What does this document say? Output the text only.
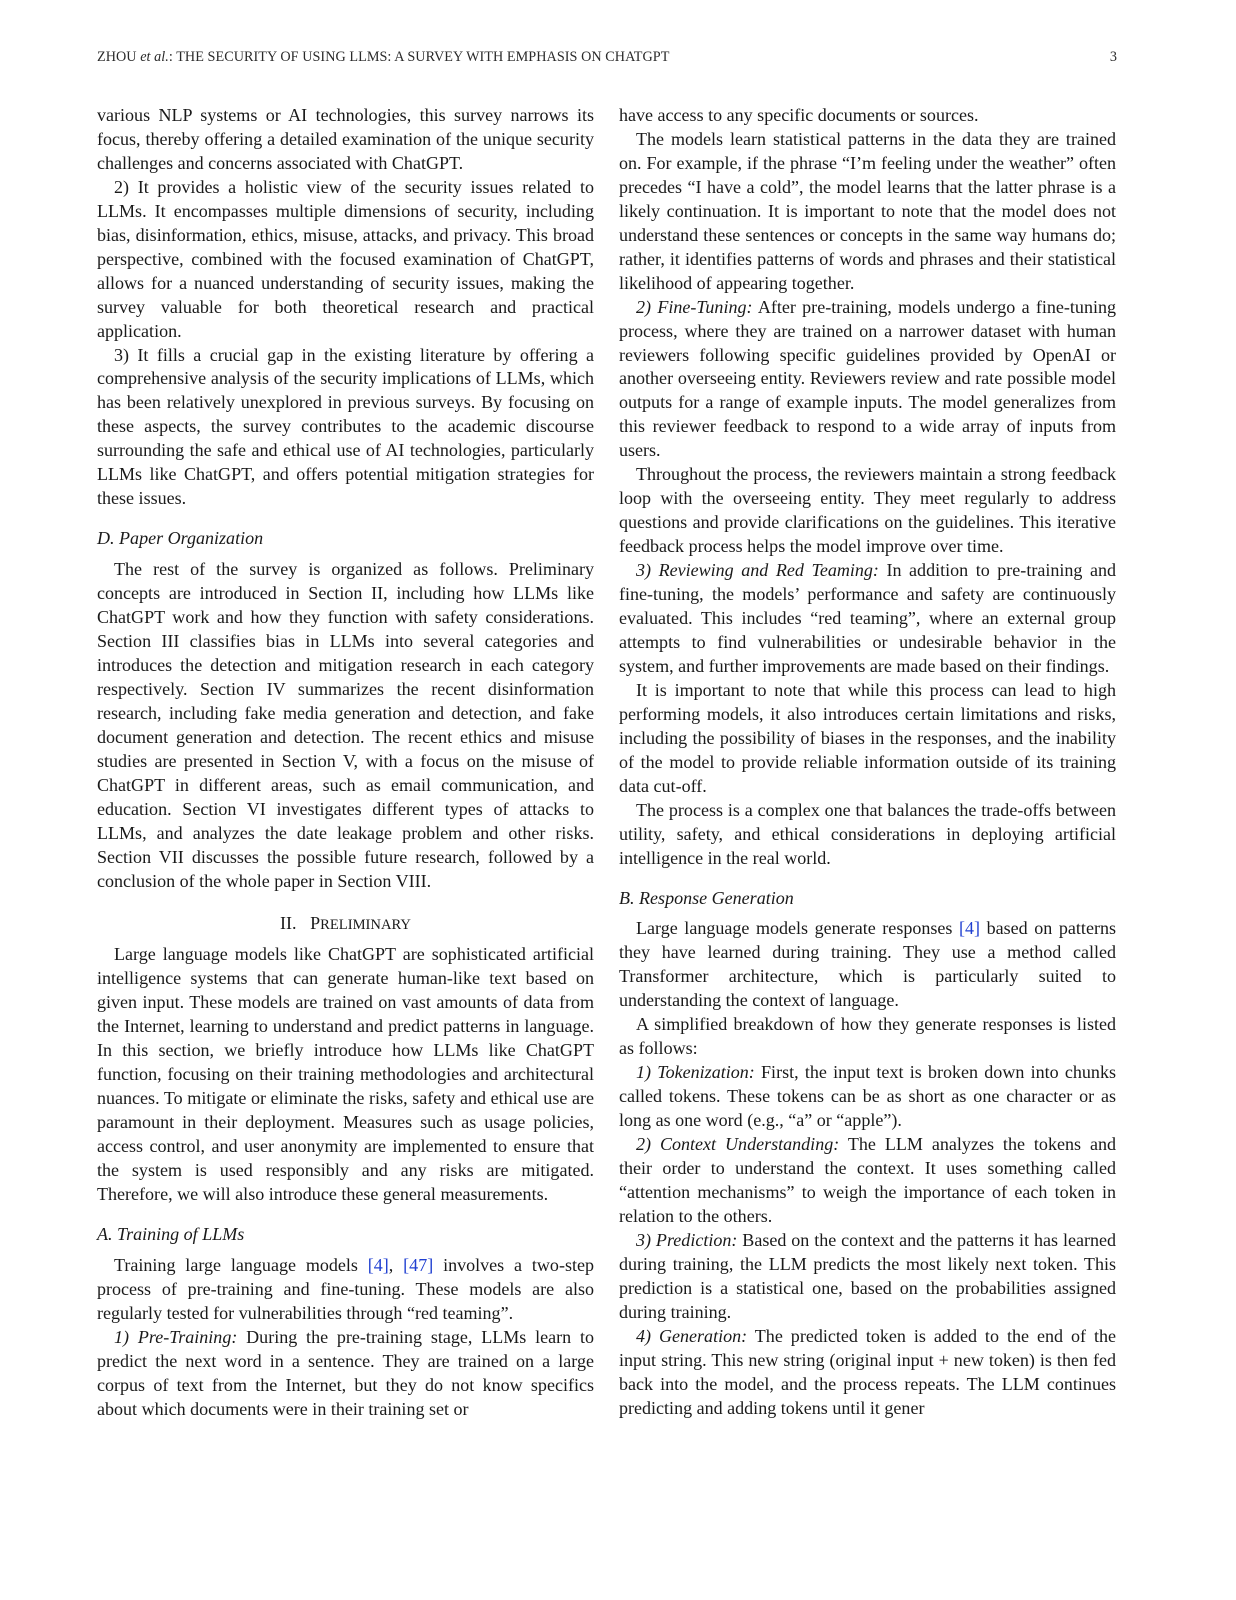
ZHOU et al.: THE SECURITY OF USING LLMS: A SURVEY WITH EMPHASIS ON CHATGPT	3

various NLP systems or AI technologies, this survey narrows its focus, thereby offering a detailed examination of the unique security challenges and concerns associated with ChatGPT.

2) It provides a holistic view of the security issues related to LLMs. It encompasses multiple dimensions of security, including bias, disinformation, ethics, misuse, attacks, and privacy. This broad perspective, combined with the focused examination of ChatGPT, allows for a nuanced understanding of security issues, making the survey valuable for both theoretical research and practical application.

3) It fills a crucial gap in the existing literature by offering a comprehensive analysis of the security implications of LLMs, which has been relatively unexplored in previous surveys. By focusing on these aspects, the survey contributes to the academic discourse surrounding the safe and ethical use of AI technologies, particularly LLMs like ChatGPT, and offers potential mitigation strategies for these issues.

D. Paper Organization

The rest of the survey is organized as follows. Preliminary concepts are introduced in Section II, including how LLMs like ChatGPT work and how they function with safety considerations. Section III classifies bias in LLMs into several categories and introduces the detection and mitigation research in each category respectively. Section IV summarizes the recent disinformation research, including fake media generation and detection, and fake document generation and detection. The recent ethics and misuse studies are presented in Section V, with a focus on the misuse of ChatGPT in different areas, such as email communication, and education. Section VI investigates different types of attacks to LLMs, and analyzes the date leakage problem and other risks. Section VII discusses the possible future research, followed by a conclusion of the whole paper in Section VIII.

II. PRELIMINARY

Large language models like ChatGPT are sophisticated artificial intelligence systems that can generate human-like text based on given input. These models are trained on vast amounts of data from the Internet, learning to understand and predict patterns in language. In this section, we briefly introduce how LLMs like ChatGPT function, focusing on their training methodologies and architectural nuances. To mitigate or eliminate the risks, safety and ethical use are paramount in their deployment. Measures such as usage policies, access control, and user anonymity are implemented to ensure that the system is used responsibly and any risks are mitigated. Therefore, we will also introduce these general measurements.

A. Training of LLMs

Training large language models [4], [47] involves a two-step process of pre-training and fine-tuning. These models are also regularly tested for vulnerabilities through “red teaming”.

1) Pre-Training: During the pre-training stage, LLMs learn to predict the next word in a sentence. They are trained on a large corpus of text from the Internet, but they do not know specifics about which documents were in their training set or

have access to any specific documents or sources.

The models learn statistical patterns in the data they are trained on. For example, if the phrase “I’m feeling under the weather” often precedes “I have a cold”, the model learns that the latter phrase is a likely continuation. It is important to note that the model does not understand these sentences or concepts in the same way humans do; rather, it identifies patterns of words and phrases and their statistical likelihood of appearing together.

2) Fine-Tuning: After pre-training, models undergo a fine-tuning process, where they are trained on a narrower dataset with human reviewers following specific guidelines provided by OpenAI or another overseeing entity. Reviewers review and rate possible model outputs for a range of example inputs. The model generalizes from this reviewer feedback to respond to a wide array of inputs from users.

Throughout the process, the reviewers maintain a strong feedback loop with the overseeing entity. They meet regularly to address questions and provide clarifications on the guidelines. This iterative feedback process helps the model improve over time.

3) Reviewing and Red Teaming: In addition to pre-training and fine-tuning, the models’ performance and safety are continuously evaluated. This includes “red teaming”, where an external group attempts to find vulnerabilities or undesirable behavior in the system, and further improvements are made based on their findings.

It is important to note that while this process can lead to high performing models, it also introduces certain limitations and risks, including the possibility of biases in the responses, and the inability of the model to provide reliable information outside of its training data cut-off.

The process is a complex one that balances the trade-offs between utility, safety, and ethical considerations in deploying artificial intelligence in the real world.

B. Response Generation

Large language models generate responses [4] based on patterns they have learned during training. They use a method called Transformer architecture, which is particularly suited to understanding the context of language.

A simplified breakdown of how they generate responses is listed as follows:

1) Tokenization: First, the input text is broken down into chunks called tokens. These tokens can be as short as one character or as long as one word (e.g., “a” or “apple”).

2) Context Understanding: The LLM analyzes the tokens and their order to understand the context. It uses something called “attention mechanisms” to weigh the importance of each token in relation to the others.

3) Prediction: Based on the context and the patterns it has learned during training, the LLM predicts the most likely next token. This prediction is a statistical one, based on the probabilities assigned during training.

4) Generation: The predicted token is added to the end of the input string. This new string (original input + new token) is then fed back into the model, and the process repeats. The LLM continues predicting and adding tokens until it gener
